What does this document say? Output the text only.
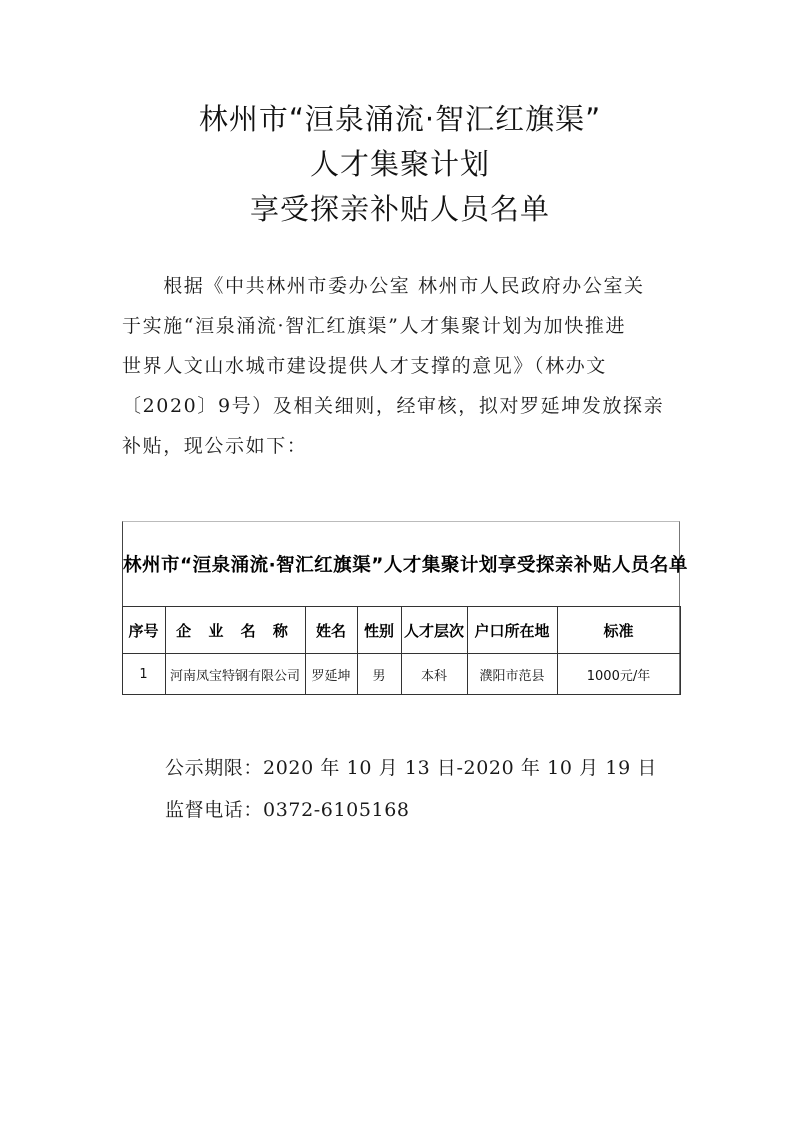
林州市“洹泉涌流·智汇红旗渠”
人才集聚计划
享受探亲补贴人员名单
　　根据《中共林州市委办公室 林州市人民政府办公室关
于实施“洹泉涌流·智汇红旗渠”人才集聚计划为加快推进
世界人文山水城市建设提供人才支撑的意见》（林办文
〔2020〕9号）及相关细则，经审核，拟对罗延坤发放探亲
补贴，现公示如下：
林州市“洹泉涌流·智汇红旗渠”人才集聚计划享受探亲补贴人员名单
序号	企 业 名 称	姓名	性别	人才层次	户口所在地	标准
1	河南凤宝特钢有限公司	罗延坤	男	本科	濮阳市范县	1000元/年
公示期限：2020 年 10 月 13 日-2020 年 10 月 19 日
监督电话：0372-6105168
